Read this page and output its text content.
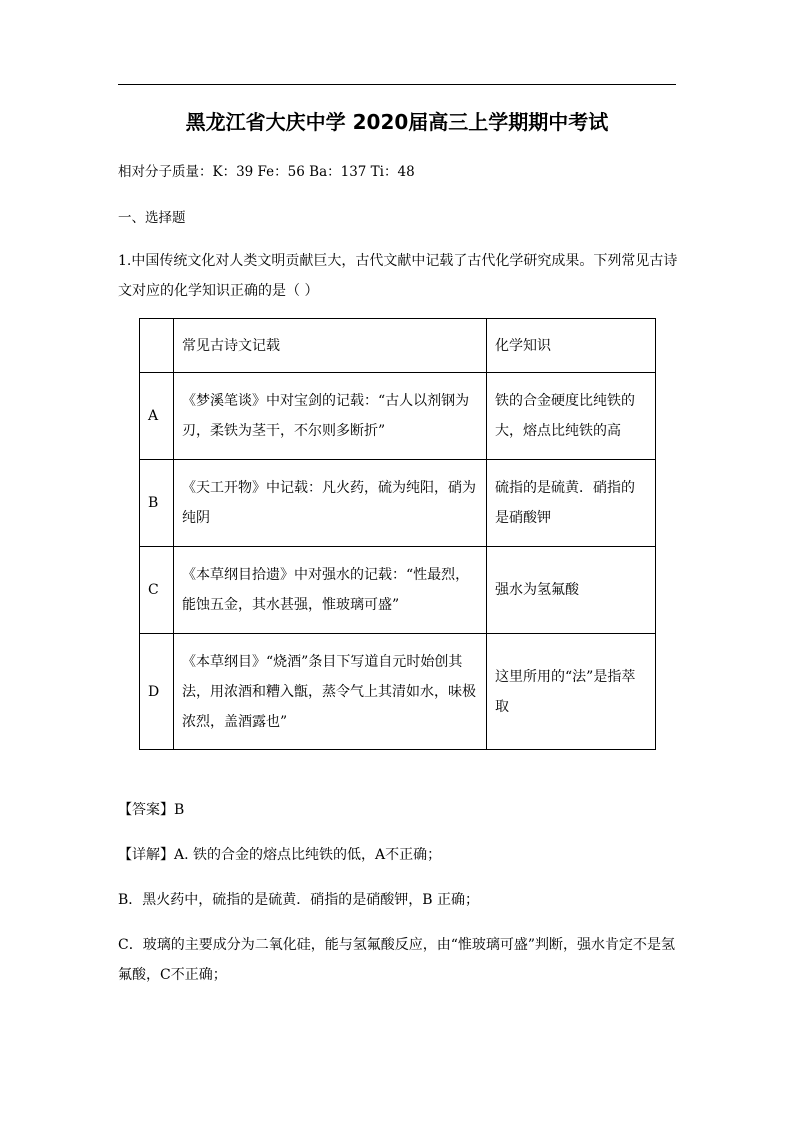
黑龙江省大庆中学 2020届高三上学期期中考试
相对分子质量：K：39 Fe：56 Ba：137 Ti：48
一、选择题
1.中国传统文化对人类文明贡献巨大，古代文献中记载了古代化学研究成果。下列常见古诗文对应的化学知识正确的是（ ）
	常见古诗文记载	化学知识
A	《梦溪笔谈》中对宝剑的记载：“古人以剂钢为刃，柔铁为茎干，不尔则多断折”	铁的合金硬度比纯铁的大，熔点比纯铁的高
B	《天工开物》中记载：凡火药，硫为纯阳，硝为纯阴	硫指的是硫黄．硝指的是硝酸钾
C	《本草纲目拾遗》中对强水的记载：“性最烈，能蚀五金，其水甚强，惟玻璃可盛”	强水为氢氟酸
D	《本草纲目》“烧酒”条目下写道自元时始创其法，用浓酒和糟入甑，蒸令气上其清如水，味极浓烈，盖酒露也”	这里所用的“法”是指萃取
【答案】B
【详解】A. 铁的合金的熔点比纯铁的低，A不正确；
B．黑火药中，硫指的是硫黄．硝指的是硝酸钾，B 正确；
C．玻璃的主要成分为二氧化硅，能与氢氟酸反应，由“惟玻璃可盛”判断，强水肯定不是氢氟酸，C不正确；
